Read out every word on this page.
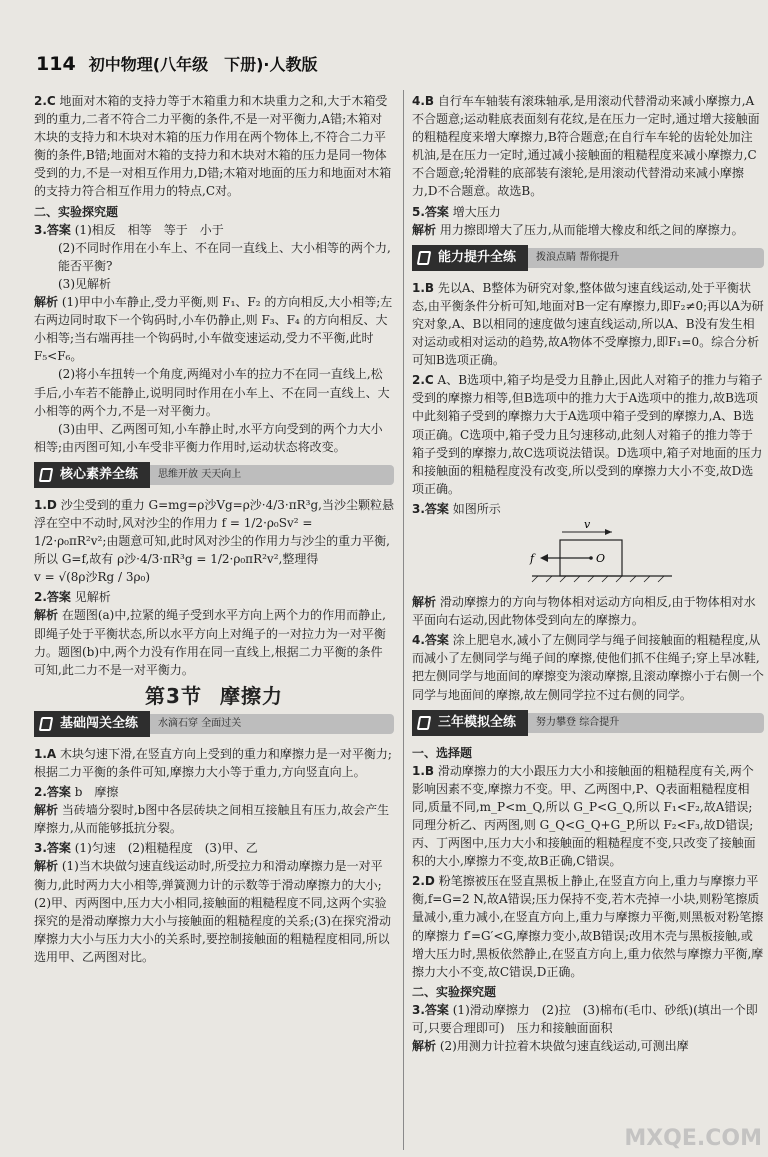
114 初中物理(八年级　下册)·人教版

2.C 地面对木箱的支持力等于木箱重力和木块重力之和,大于木箱受到的重力,二者不符合二力平衡的条件,不是一对平衡力,A错;木箱对木块的支持力和木块对木箱的压力作用在两个物体上,不符合二力平衡的条件,B错;地面对木箱的支持力和木块对木箱的压力是同一物体受到的力,不是一对相互作用力,D错;木箱对地面的压力和地面对木箱的支持力符合相互作用力的特点,C对。

二、实验探究题

3.答案 (1)相反　相等　等于　小于

(2)不同时作用在小车上、不在同一直线上、大小相等的两个力,能否平衡?

(3)见解析

解析 (1)甲中小车静止,受力平衡,则 F₁、F₂ 的方向相反,大小相等;左右两边同时取下一个钩码时,小车仍静止,则 F₃、F₄ 的方向相反、大小相等;当右端再挂一个钩码时,小车做变速运动,受力不平衡,此时 F₅<F₆。

(2)将小车扭转一个角度,两绳对小车的拉力不在同一直线上,松手后,小车若不能静止,说明同时作用在小车上、不在同一直线上、大小相等的两个力,不是一对平衡力。

(3)由甲、乙两图可知,小车静止时,水平方向受到的两个力大小相等;由丙图可知,小车受非平衡力作用时,运动状态将改变。

核心素养全练	思维开放 天天向上

1.D 沙尘受到的重力 G=mg=ρ沙Vg=ρ沙·4/3·πR³g,当沙尘颗粒悬浮在空中不动时,风对沙尘的作用力 f = 1/2·ρ₀Sv² =

1/2·ρ₀πR²v²;由题意可知,此时风对沙尘的作用力与沙尘的重力平衡,所以 G=f,故有 ρ沙·4/3·πR³g = 1/2·ρ₀πR²v²,整理得

v = √(8ρ沙Rg / 3ρ₀)

2.答案 见解析

解析 在题图(a)中,拉紧的绳子受到水平方向上两个力的作用而静止,即绳子处于平衡状态,所以水平方向上对绳子的一对拉力为一对平衡力。题图(b)中,两个力没有作用在同一直线上,根据二力平衡的条件可知,此二力不是一对平衡力。

第3节 摩擦力
基础闯关全练	水滴石穿 全面过关

1.A 木块匀速下滑,在竖直方向上受到的重力和摩擦力是一对平衡力;根据二力平衡的条件可知,摩擦力大小等于重力,方向竖直向上。

2.答案 b　摩擦

解析 当砖墙分裂时,b图中各层砖块之间相互接触且有压力,故会产生摩擦力,从而能够抵抗分裂。

3.答案 (1)匀速　(2)粗糙程度　(3)甲、乙

解析 (1)当木块做匀速直线运动时,所受拉力和滑动摩擦力是一对平衡力,此时两力大小相等,弹簧测力计的示数等于滑动摩擦力的大小;(2)甲、丙两图中,压力大小相同,接触面的粗糙程度不同,这两个实验探究的是滑动摩擦力大小与接触面的粗糙程度的关系;(3)在探究滑动摩擦力大小与压力大小的关系时,要控制接触面的粗糙程度相同,所以选用甲、乙两图对比。

4.B 自行车车轴装有滚珠轴承,是用滚动代替滑动来减小摩擦力,A不合题意;运动鞋底表面刻有花纹,是在压力一定时,通过增大接触面的粗糙程度来增大摩擦力,B符合题意;在自行车车轮的齿轮处加注机油,是在压力一定时,通过减小接触面的粗糙程度来减小摩擦力,C不合题意;轮滑鞋的底部装有滚轮,是用滚动代替滑动来减小摩擦力,D不合题意。故选B。

5.答案 增大压力

解析 用力擦即增大了压力,从而能增大橡皮和纸之间的摩擦力。

能力提升全练	拨浪点睛 帮你提升

1.B 先以A、B整体为研究对象,整体做匀速直线运动,处于平衡状态,由平衡条件分析可知,地面对B一定有摩擦力,即F₂≠0;再以A为研究对象,A、B以相同的速度做匀速直线运动,所以A、B没有发生相对运动或相对运动的趋势,故A物体不受摩擦力,即F₁=0。综合分析可知B选项正确。

2.C A、B选项中,箱子均是受力且静止,因此人对箱子的推力与箱子受到的摩擦力相等,但B选项中的推力大于A选项中的推力,故B选项中此刻箱子受到的摩擦力大于A选项中箱子受到的摩擦力,A、B选项正确。C选项中,箱子受力且匀速移动,此刻人对箱子的推力等于箱子受到的摩擦力,故C选项说法错误。D选项中,箱子对地面的压力和接触面的粗糙程度没有改变,所以受到的摩擦力大小不变,故D选项正确。

3.答案 如图所示

v
f	O

解析 滑动摩擦力的方向与物体相对运动方向相反,由于物体相对水平面向右运动,因此物体受到向左的摩擦力。

4.答案 涂上肥皂水,减小了左侧同学与绳子间接触面的粗糙程度,从而减小了左侧同学与绳子间的摩擦,使他们抓不住绳子;穿上旱冰鞋,把左侧同学与地面间的摩擦变为滚动摩擦,且滚动摩擦小于右侧一个同学与地面间的摩擦,故左侧同学拉不过右侧的同学。

三年模拟全练	努力攀登 综合提升

一、选择题

1.B 滑动摩擦力的大小跟压力大小和接触面的粗糙程度有关,两个影响因素不变,摩擦力不变。甲、乙两图中,P、Q表面粗糙程度相同,质量不同,m_P<m_Q,所以 G_P<G_Q,所以 F₁<F₂,故A错误;同理分析乙、丙两图,则 G_Q<G_Q+G_P,所以 F₂<F₃,故D错误;丙、丁两图中,压力大小和接触面的粗糙程度不变,只改变了接触面积的大小,摩擦力不变,故B正确,C错误。

2.D 粉笔擦被压在竖直黑板上静止,在竖直方向上,重力与摩擦力平衡,f=G=2 N,故A错误;压力保持不变,若木壳掉一小块,则粉笔擦质量减小,重力减小,在竖直方向上,重力与摩擦力平衡,则黑板对粉笔擦的摩擦力 f′=G′<G,摩擦力变小,故B错误;改用木壳与黑板接触,或增大压力时,黑板依然静止,在竖直方向上,重力依然与摩擦力平衡,摩擦力大小不变,故C错误,D正确。

二、实验探究题

3.答案 (1)滑动摩擦力　(2)拉　(3)棉布(毛巾、砂纸)(填出一个即可,只要合理即可)　压力和接触面面积

解析 (2)用测力计拉着木块做匀速直线运动,可测出摩

MXQE.COM
